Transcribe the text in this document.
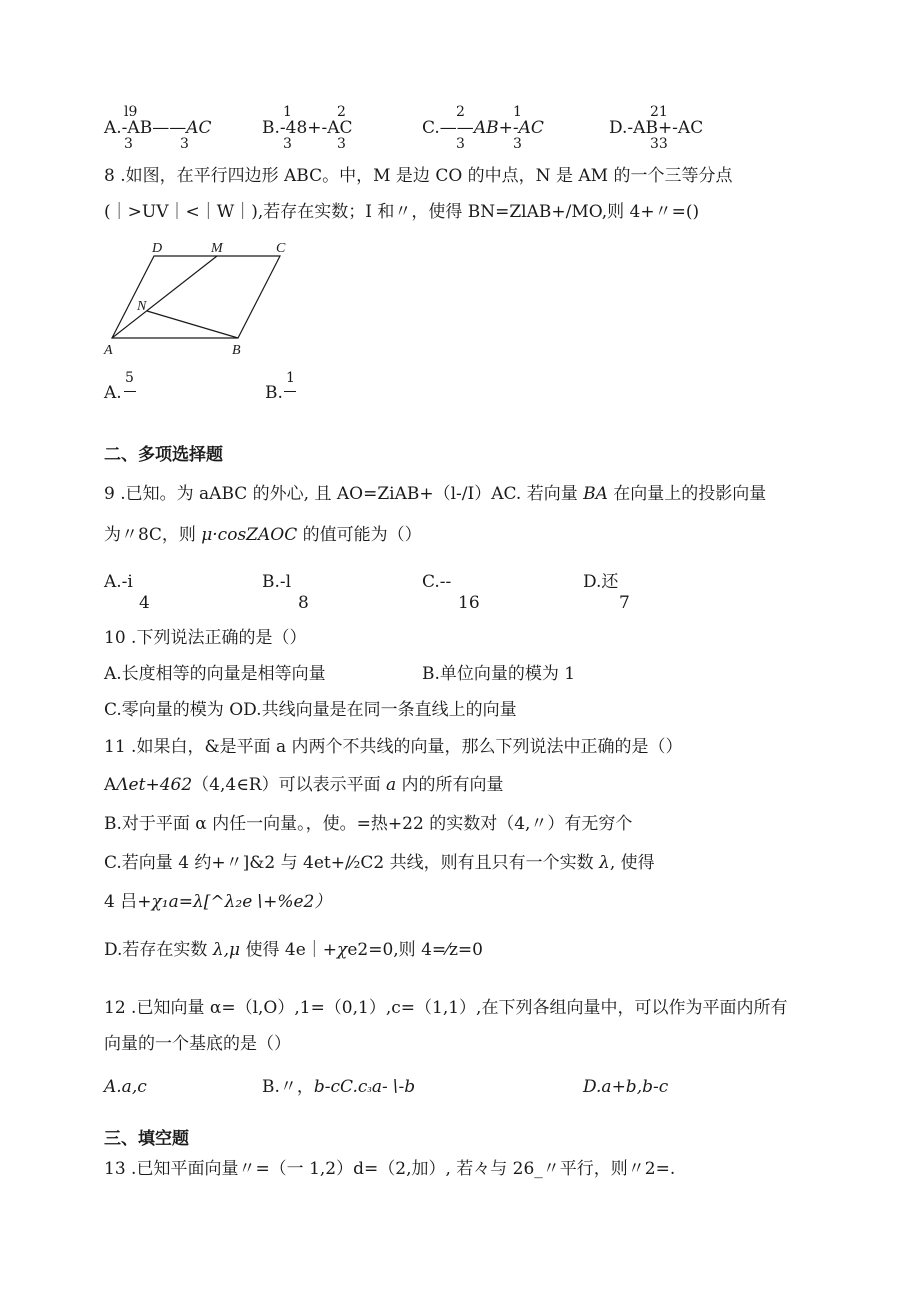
l9
A.-AB——AC
3	3
1	2
B.-48+-AC
3	3
2	1
C.——AB+-AC
3	3
21
D.-AB+-AC
33
8 .如图，在平行四边形 ABC。中，M 是边 CO 的中点，N 是 AM 的一个三等分点
(｜>UV｜<｜W｜),若存在实数；I 和〃，使得 BN=ZlAB+/MO,则 4+〃=()
D	M	C
N
A	B
A.
5
B.
1
二、多项选择题
9 .已知。为 aABC 的外心, 且 AO=ZiAB+（l-/I）AC. 若向量 BA 在向量上的投影向量
为〃8C，则 μ·cosZAOC 的值可能为（）
A.-i
4
B.-l
8
C.--
16
D.还
7
10 .下列说法正确的是（）
A.长度相等的向量是相等向量	B.单位向量的模为 1
C.零向量的模为 OD.共线向量是在同一条直线上的向量
11 .如果白，&是平面 a 内两个不共线的向量，那么下列说法中正确的是（）
AΛet+462（4,4∈R）可以表示平面 a 内的所有向量
B.对于平面 α 内任一向量。，使。=热+22 的实数对（4,〃）有无穷个
C.若向量 4 约+〃]&2 与 4et+∕⁄₂C2 共线，则有且只有一个实数 λ, 使得
4 吕+χ₁a=λ[^λ₂e∖+%e2）
D.若存在实数 λ,μ 使得 4e｜+χe2=0,则 4=⁄z=0
12 .已知向量 α=（l,O）,1=（0,1）,c=（1,1）,在下列各组向量中，可以作为平面内所有
向量的一个基底的是（）
A.a,c	B.〃，b-cC.c₃a-∖-b	D.a+b,b-c
三、填空题
13 .已知平面向量〃=（一 1,2）d=（2,加）, 若々与 26_〃平行，则〃2=.
